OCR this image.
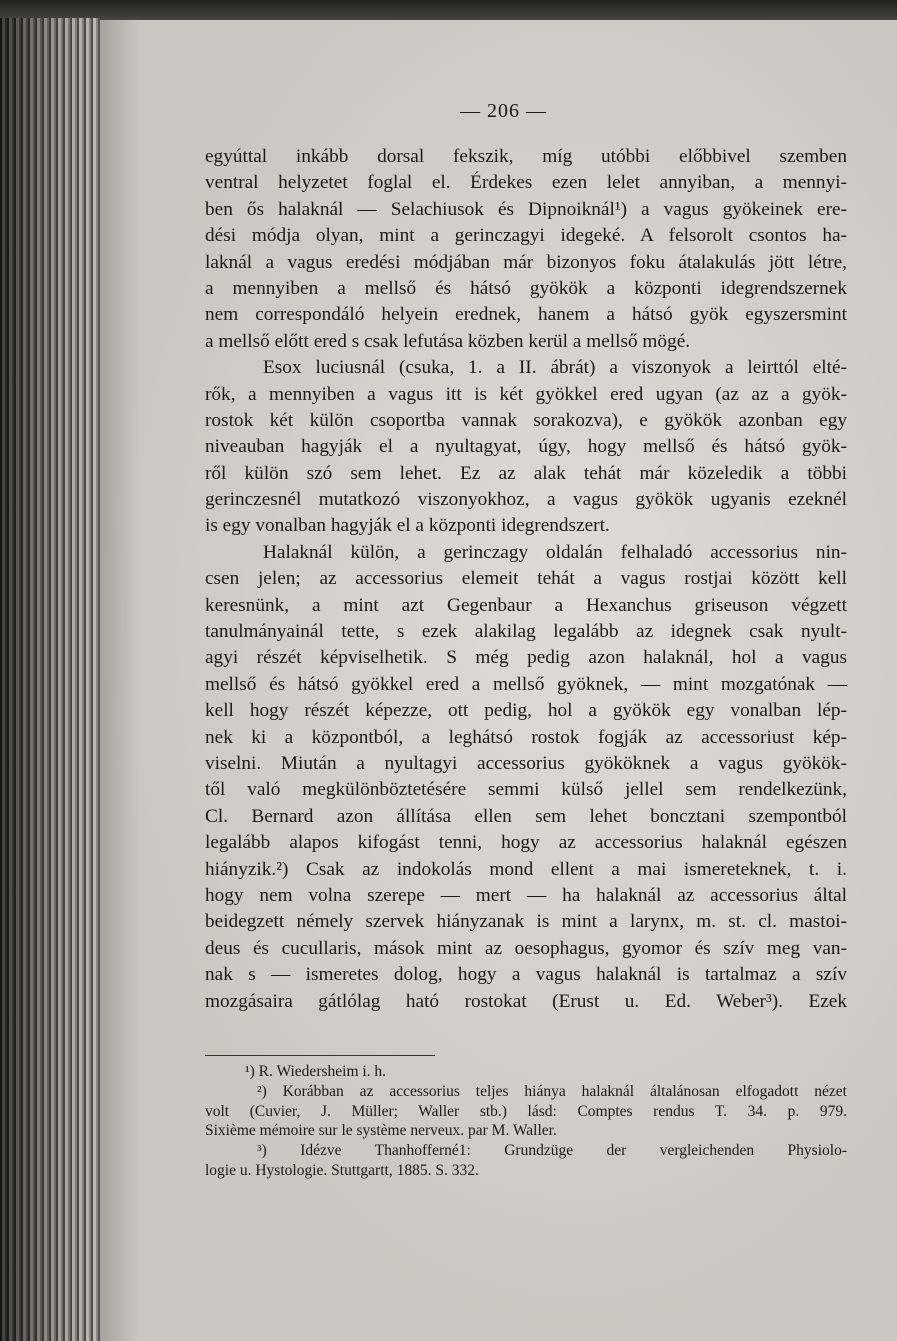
— 206 —
egyúttal inkább dorsal fekszik, míg utóbbi előbbivel szemben
ventral helyzetet foglal el. Érdekes ezen lelet annyiban, a mennyi-
ben ős halaknál — Selachiusok és Dipnoiknál¹) a vagus gyökeinek ere-
dési módja olyan, mint a gerinczagyi idegeké. A felsorolt csontos ha-
laknál a vagus eredési módjában már bizonyos foku átalakulás jött létre,
a mennyiben a mellső és hátsó gyökök a központi idegrendszernek
nem correspondáló helyein erednek, hanem a hátsó gyök egyszersmint
a mellső előtt ered s csak lefutása közben kerül a mellső mögé.
Esox luciusnál (csuka, 1. a II. ábrát) a viszonyok a leirttól elté-
rők, a mennyiben a vagus itt is két gyökkel ered ugyan (az az a gyök-
rostok két külön csoportba vannak sorakozva), e gyökök azonban egy
niveauban hagyják el a nyultagyat, úgy, hogy mellső és hátsó gyök-
ről külön szó sem lehet. Ez az alak tehát már közeledik a többi
gerinczesnél mutatkozó viszonyokhoz, a vagus gyökök ugyanis ezeknél
is egy vonalban hagyják el a központi idegrendszert.
Halaknál külön, a gerinczagy oldalán felhaladó accessorius nin-
csen jelen; az accessorius elemeit tehát a vagus rostjai között kell
keresnünk, a mint azt Gegenbaur a Hexanchus griseuson végzett
tanulmányainál tette, s ezek alakilag legalább az idegnek csak nyult-
agyi részét képviselhetik. S még pedig azon halaknál, hol a vagus
mellső és hátsó gyökkel ered a mellső gyöknek, — mint mozgatónak —
kell hogy részét képezze, ott pedig, hol a gyökök egy vonalban lép-
nek ki a központból, a leghátsó rostok fogják az accessoriust kép-
viselni. Miután a nyultagyi accessorius gyököknek a vagus gyökök-
től való megkülönböztetésére semmi külső jellel sem rendelkezünk,
Cl. Bernard azon állítása ellen sem lehet boncztani szempontból
legalább alapos kifogást tenni, hogy az accessorius halaknál egészen
hiányzik.²) Csak az indokolás mond ellent a mai ismereteknek, t. i.
hogy nem volna szerepe — mert — ha halaknál az accessorius által
beidegzett némely szervek hiányzanak is mint a larynx, m. st. cl. mastoi-
deus és cucullaris, mások mint az oesophagus, gyomor és szív meg van-
nak s — ismeretes dolog, hogy a vagus halaknál is tartalmaz a szív
mozgásaira gátlólag ható rostokat (Erust u. Ed. Weber³). Ezek
¹) R. Wiedersheim i. h.
²) Korábban az accessorius teljes hiánya halaknál általánosan elfogadott nézet
volt (Cuvier, J. Müller; Waller stb.) lásd: Comptes rendus T. 34. p. 979.
Sixième mémoire sur le système nerveux. par M. Waller.
³) Idézve Thanhofferné1: Grundzüge der vergleichenden Physiolo-
logie u. Hystologie. Stuttgartt, 1885. S. 332.
